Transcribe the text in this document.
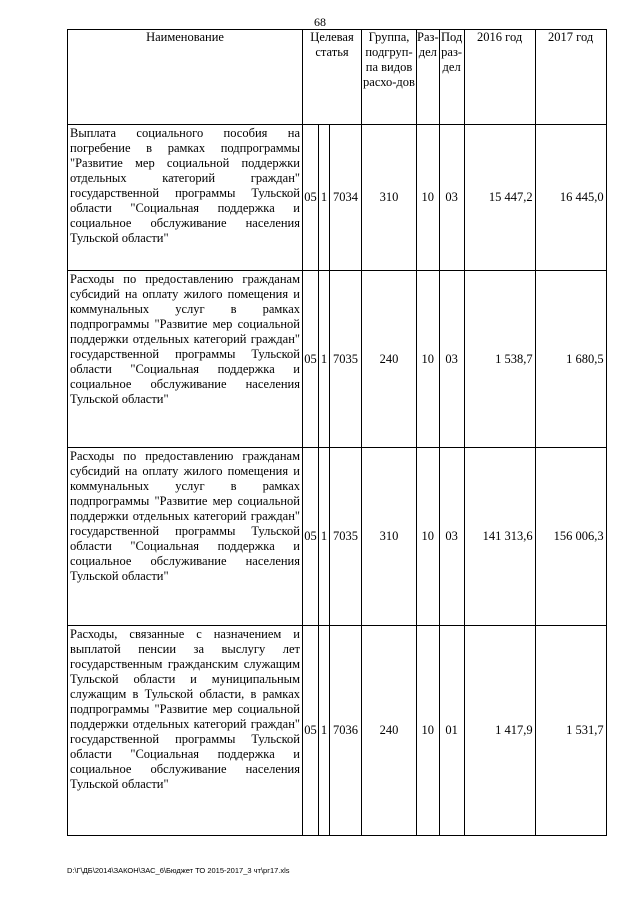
68
Наименование	Целевая статья			Группа, подгруп-па видов расхо-дов	Раз-дел	Под раз-дел	2016 год	2017 год
Выплата социального пособия на погребение в рамках подпрограммы "Развитие мер социальной поддержки отдельных категорий граждан" государственной программы Тульской области "Социальная поддержка и социальное обслуживание населения Тульской области"	05	1	7034	310	10	03	15 447,2	16 445,0
Расходы по предоставлению гражданам субсидий на оплату жилого помещения и коммунальных услуг в рамках подпрограммы "Развитие мер социальной поддержки отдельных категорий граждан" государственной программы Тульской области "Социальная поддержка и социальное обслуживание населения Тульской области"	05	1	7035	240	10	03	1 538,7	1 680,5
Расходы по предоставлению гражданам субсидий на оплату жилого помещения и коммунальных услуг в рамках подпрограммы "Развитие мер социальной поддержки отдельных категорий граждан" государственной программы Тульской области "Социальная поддержка и социальное обслуживание населения Тульской области"	05	1	7035	310	10	03	141 313,6	156 006,3
Расходы, связанные с назначением и выплатой пенсии за выслугу лет государственным гражданским служащим Тульской области и муниципальным служащим в Тульской области, в рамках подпрограммы "Развитие мер социальной поддержки отдельных категорий граждан" государственной программы Тульской области "Социальная поддержка и социальное обслуживание населения Тульской области"	05	1	7036	240	10	01	1 417,9	1 531,7
D:\Г\ДБ\2014\ЗАКОН\ЗАС_6\Бюджет ТО 2015-2017_3 чт\рг17.xls
